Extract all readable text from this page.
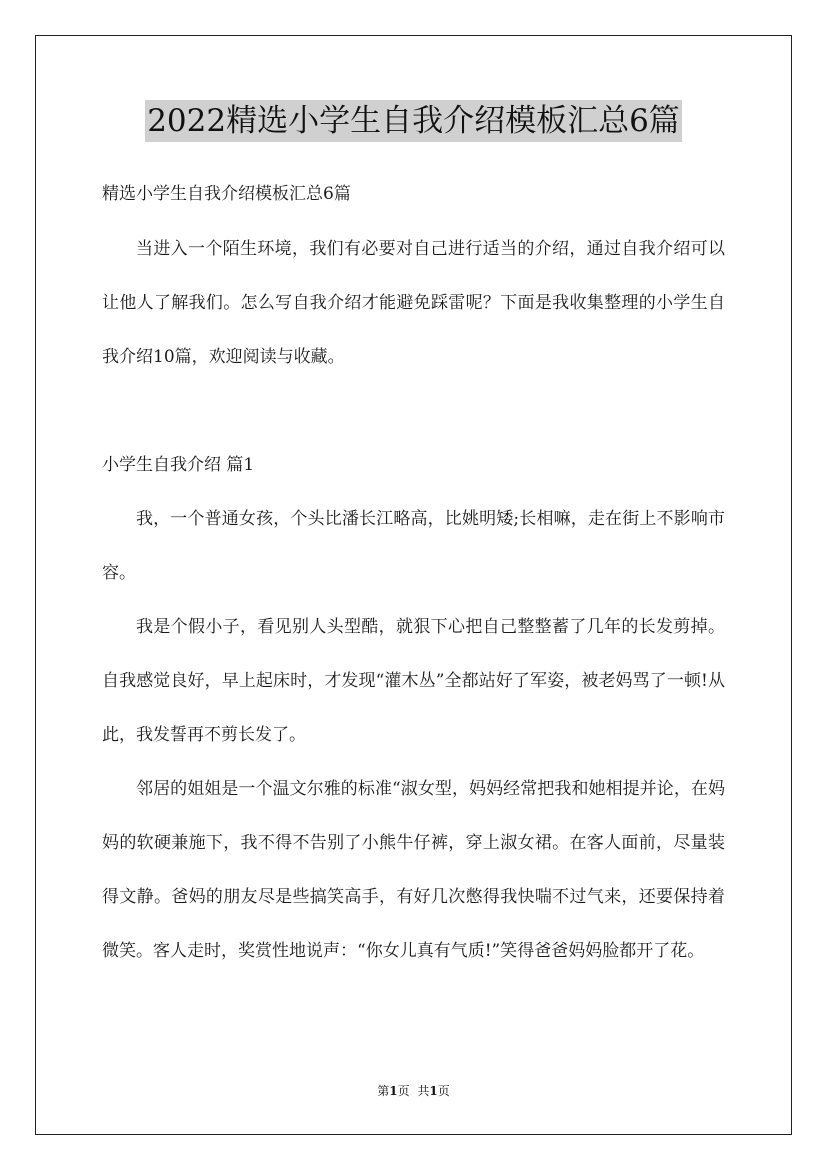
2022精选小学生自我介绍模板汇总6篇
精选小学生自我介绍模板汇总6篇

当进入一个陌生环境，我们有必要对自己进行适当的介绍，通过自我介绍可以让他人了解我们。怎么写自我介绍才能避免踩雷呢？下面是我收集整理的小学生自我介绍10篇，欢迎阅读与收藏。

小学生自我介绍 篇1

我，一个普通女孩，个头比潘长江略高，比姚明矮;长相嘛，走在街上不影响市容。

我是个假小子，看见别人头型酷，就狠下心把自己整整蓄了几年的长发剪掉。自我感觉良好，早上起床时，才发现“灌木丛”全都站好了军姿，被老妈骂了一顿!从此，我发誓再不剪长发了。

邻居的姐姐是一个温文尔雅的标准“淑女型，妈妈经常把我和她相提并论，在妈妈的软硬兼施下，我不得不告别了小熊牛仔裤，穿上淑女裙。在客人面前，尽量装得文静。爸妈的朋友尽是些搞笑高手，有好几次憋得我快喘不过气来，还要保持着微笑。客人走时，奖赏性地说声：“你女儿真有气质!”笑得爸爸妈妈脸都开了花。

第1页 共1页
